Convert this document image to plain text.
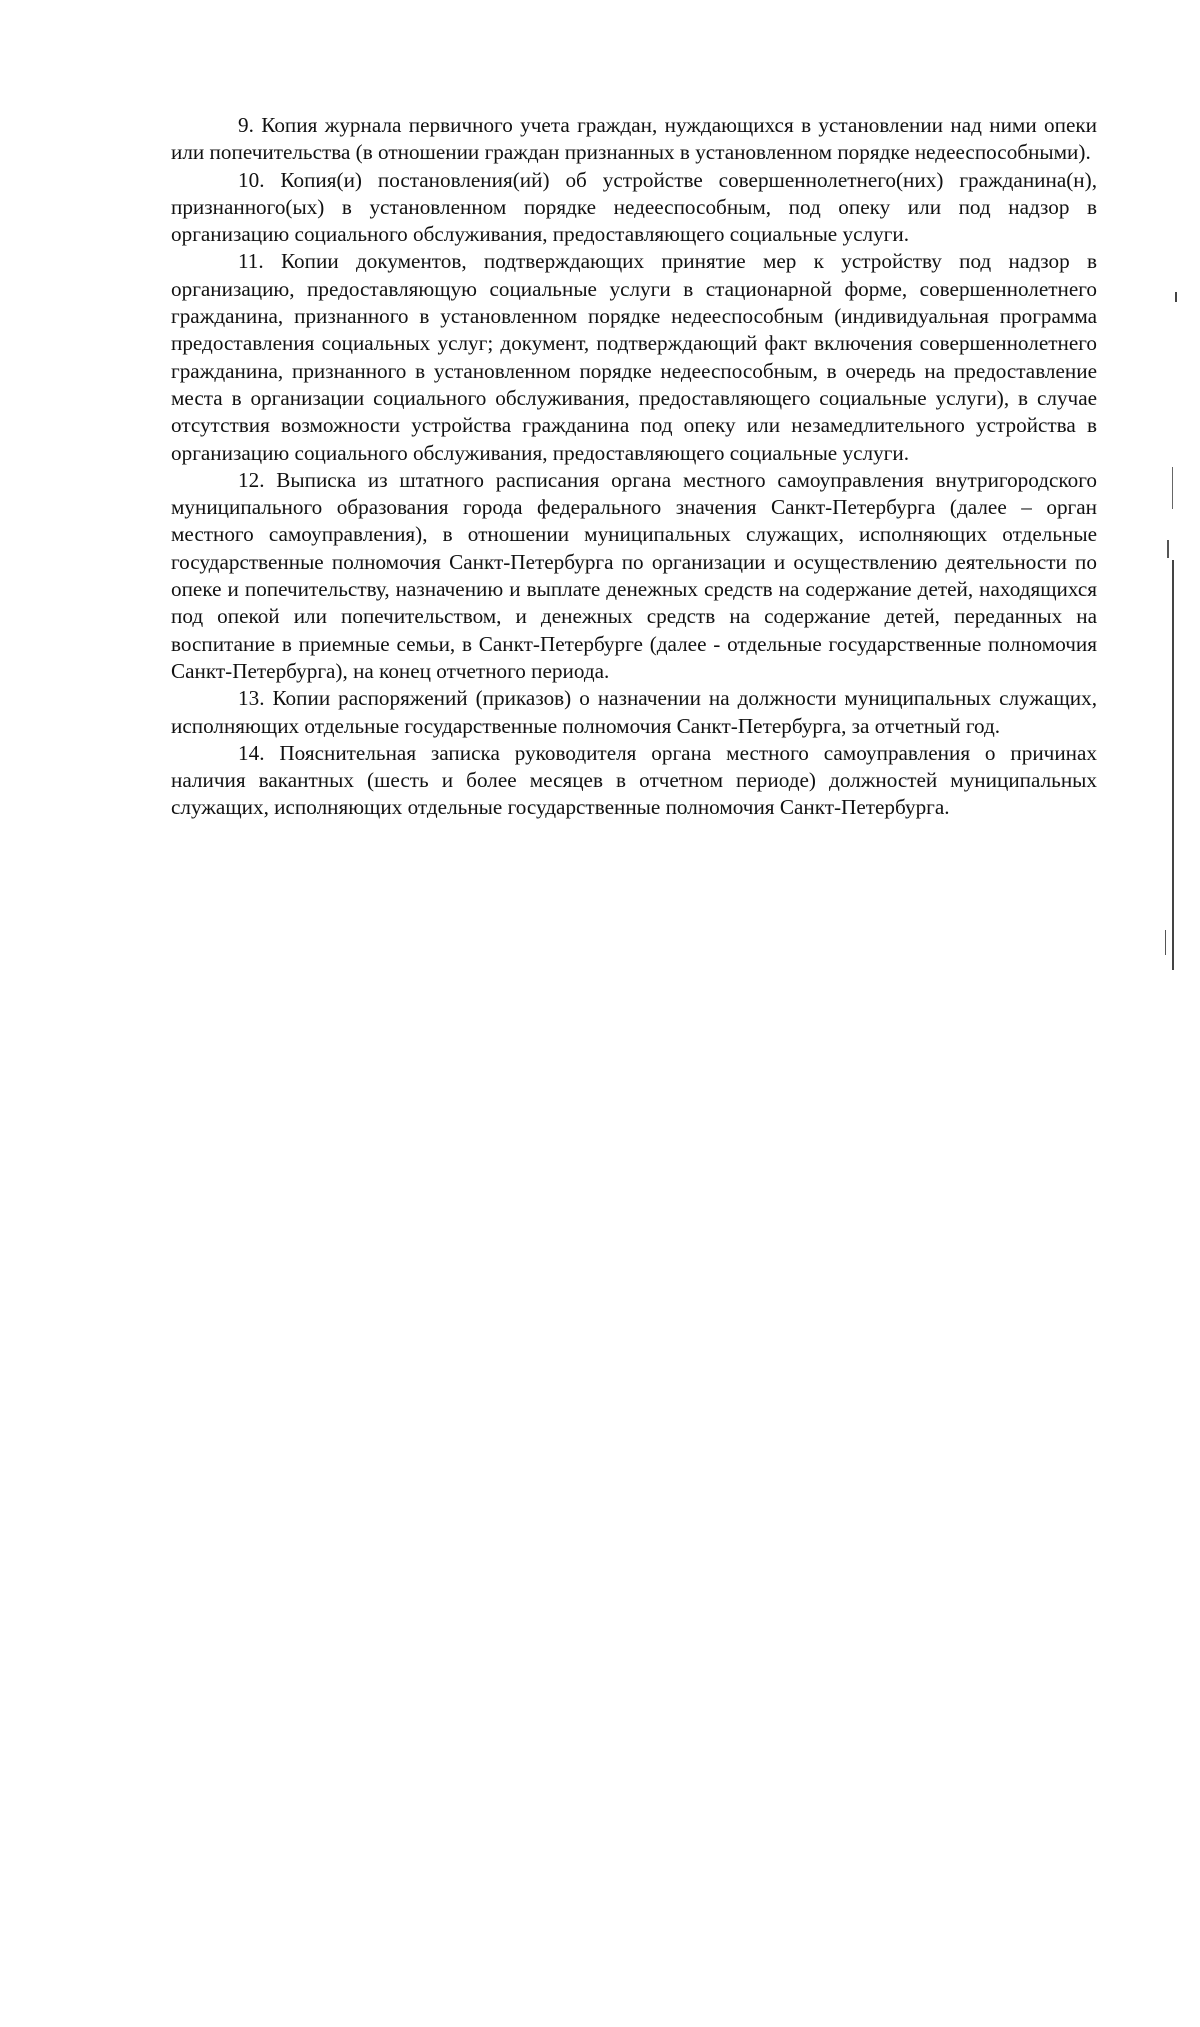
9. Копия журнала первичного учета граждан, нуждающихся в установлении над ними опеки или попечительства (в отношении граждан признанных в установленном порядке недееспособными).

10. Копия(и) постановления(ий) об устройстве совершеннолетнего(них) гражданина(н), признанного(ых) в установленном порядке недееспособным, под опеку или под надзор в организацию социального обслуживания, предоставляющего социальные услуги.

11. Копии документов, подтверждающих принятие мер к устройству под надзор в организацию, предоставляющую социальные услуги в стационарной форме, совершеннолетнего гражданина, признанного в установленном порядке недееспособным (индивидуальная программа предоставления социальных услуг; документ, подтверждающий факт включения совершеннолетнего гражданина, признанного в установленном порядке недееспособным, в очередь на предоставление места в организации социального обслуживания, предоставляющего социальные услуги), в случае отсутствия возможности устройства гражданина под опеку или незамедлительного устройства в организацию социального обслуживания, предоставляющего социальные услуги.

12. Выписка из штатного расписания органа местного самоуправления внутригородского муниципального образования города федерального значения Санкт-Петербурга (далее – орган местного самоуправления), в отношении муниципальных служащих, исполняющих отдельные государственные полномочия Санкт-Петербурга по организации и осуществлению деятельности по опеке и попечительству, назначению и выплате денежных средств на содержание детей, находящихся под опекой или попечительством, и денежных средств на содержание детей, переданных на воспитание в приемные семьи, в Санкт-Петербурге (далее - отдельные государственные полномочия Санкт-Петербурга), на конец отчетного периода.

13. Копии распоряжений (приказов) о назначении на должности муниципальных служащих, исполняющих отдельные государственные полномочия Санкт-Петербурга, за отчетный год.

14. Пояснительная записка руководителя органа местного самоуправления о причинах наличия вакантных (шесть и более месяцев в отчетном периоде) должностей муниципальных служащих, исполняющих отдельные государственные полномочия Санкт-Петербурга.
